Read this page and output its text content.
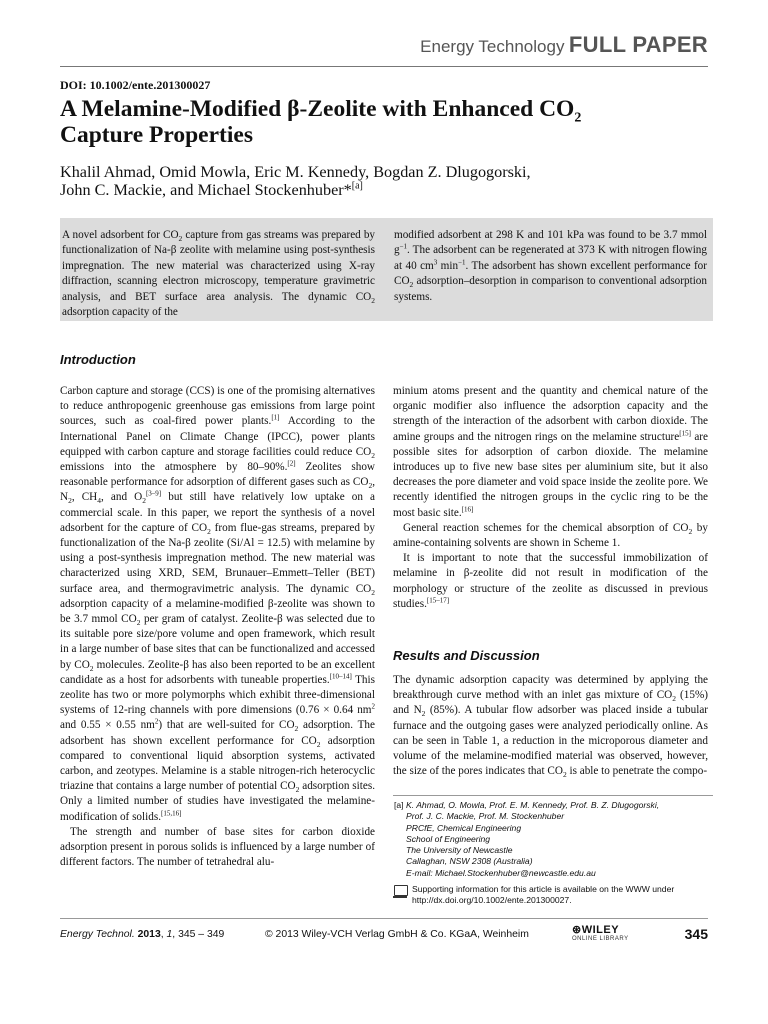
Energy Technology FULL PAPER
DOI: 10.1002/ente.201300027
A Melamine-Modified β-Zeolite with Enhanced $CO_2$
Capture Properties
Khalil Ahmad, Omid Mowla, Eric M. Kennedy, Bogdan Z. Dlugogorski,
John C. Mackie, and Michael Stockenhuber*[a]
A novel adsorbent for $CO_2$ capture from gas streams was prepared by functionalization of Na-β zeolite with melamine using post-synthesis impregnation. The new material was characterized using X-ray diffraction, scanning electron microscopy, temperature gravimetric analysis, and BET surface area analysis. The dynamic $CO_2$ adsorption capacity of the
modified adsorbent at 298 K and 101 kPa was found to be 3.7 mmol $g^{-1}$. The adsorbent can be regenerated at 373 K with nitrogen flowing at 40 $cm^3$ $\min^{-1}$. The adsorbent has shown excellent performance for $CO_2$ adsorption–desorption in comparison to conventional adsorption systems.
Introduction

Carbon capture and storage (CCS) is one of the promising alternatives to reduce anthropogenic greenhouse gas emissions from large point sources, such as coal-fired power plants.[1] According to the International Panel on Climate Change (IPCC), power plants equipped with carbon capture and storage facilities could reduce $CO_2$ emissions into the atmosphere by 80–90%.[2] Zeolites show reasonable performance for adsorption of different gases such as $CO_2$, $N_2$, $CH_4$, and $O_2[3-9]$ but still have relatively low uptake on a commercial scale. In this paper, we report the synthesis of a novel adsorbent for the capture of $CO_2$ from flue-gas streams, prepared by functionalization of the Na-β zeolite (Si/Al = 12.5) with melamine by using a post-synthesis impregnation method. The new material was characterized using XRD, SEM, Brunauer–Emmett–Teller (BET) surface area, and thermogravimetric analysis. The dynamic $CO_2$ adsorption capacity of a melamine-modified β-zeolite was shown to be 3.7 mmol $CO_2$ per gram of catalyst. Zeolite-β was selected due to its suitable pore size/pore volume and open framework, which result in a large number of base sites that can be functionalized and accessed by $CO_2$ molecules. Zeolite-β has also been reported to be an excellent candidate as a host for adsorbents with tuneable properties.[10–14] This zeolite has two or more polymorphs which exhibit three-dimensional systems of 12-ring channels with pore dimensions (0.76 × 0.64 $nm^2$ and 0.55 × 0.55 $nm^2$) that are well-suited for $CO_2$ adsorption. The adsorbent has shown excellent performance for $CO_2$ adsorption compared to conventional liquid absorption systems, activated carbon, and zeotypes. Melamine is a stable nitrogen-rich heterocyclic triazine that contains a large number of potential $CO_2$ adsorption sites. Only a limited number of studies have investigated the melamine-modification of solids.[15,16]

The strength and number of base sites for carbon dioxide adsorption present in porous solids is influenced by a large number of different factors. The number of tetrahedral alu-

minium atoms present and the quantity and chemical nature of the organic modifier also influence the adsorption capacity and the strength of the interaction of the adsorbent with carbon dioxide. The amine groups and the nitrogen rings on the melamine structure[15] are possible sites for adsorption of carbon dioxide. The melamine introduces up to five new base sites per aluminium site, but it also decreases the pore diameter and void space inside the zeolite pore. We recently identified the nitrogen groups in the cyclic ring to be the most basic site.[16]

General reaction schemes for the chemical absorption of $CO_2$ by amine-containing solvents are shown in Scheme 1.

It is important to note that the successful immobilization of melamine in β-zeolite did not result in modification of the morphology or structure of the zeolite as discussed in previous studies.[15–17]

Results and Discussion

The dynamic adsorption capacity was determined by applying the breakthrough curve method with an inlet gas mixture of $CO_2$ (15%) and $N_2$ (85%). A tubular flow adsorber was placed inside a tubular furnace and the outgoing gases were analyzed periodically online. As can be seen in Table 1, a reduction in the microporous diameter and volume of the melamine-modified material was observed, however, the size of the pores indicates that $CO_2$ is able to penetrate the compo-

[a] K. Ahmad, O. Mowla, Prof. E. M. Kennedy, Prof. B. Z. Dlugogorski,
Prof. J. C. Mackie, Prof. M. Stockenhuber
PRCfE, Chemical Engineering
School of Engineering
The University of Newcastle
Callaghan, NSW 2308 (Australia)
E-mail: Michael.Stockenhuber@newcastle.edu.au
Supporting information for this article is available on the WWW under http://dx.doi.org/10.1002/ente.201300027.
Energy Technol. 2013, 1, 345 – 349	© 2013 Wiley-VCH Verlag GmbH & Co. KGaA, Weinheim	⊛WILEY
ONLINE LIBRARY	345
